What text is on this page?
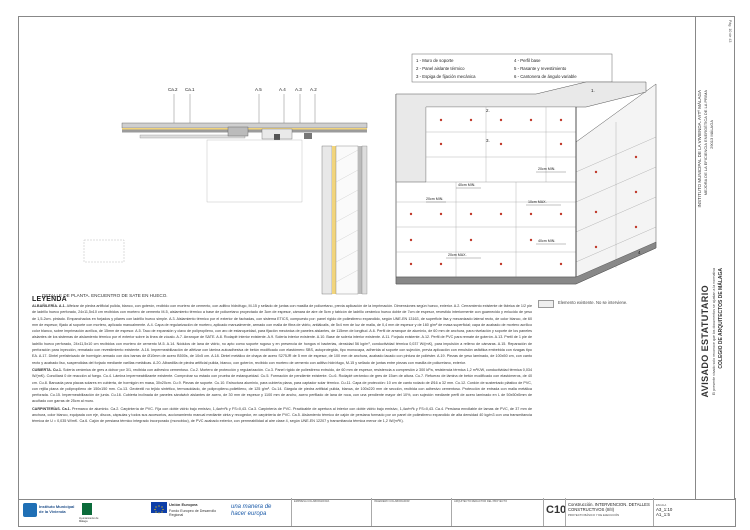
Ca.2 Ca.1	A.5	A.4 A.3 A.2
DETALLE DE PLANTA. ENCUENTRO DE SATE EN HUECO.
1 - Muro de soporte
2 - Panel aislante térmico
3 - Espiga de fijación mecánica
4 - Perfil base
5 - Rasante y revestimiento
6 - Cantonera de ángulo variable
1.
2.
3.
4
20cm MIN.
40cm MIN.
20cm MIN.
10cm MAX.
40cm MIN.
20cm MAX.
LEYENDA	Elemento existente. No se interviene.
ALBAÑILERÍA. A.1. Alfeizar de piedra artificial pulida, blanco, con goterón, recibido con mortero de cemento, con aditivo hidrófugo, M-15 y sellado de juntas con masilla de poliuretano, previa aplicación de la imprimación. Dimensiones según hueco, exterior. A.2. Cerramiento existente de fábrica de 1/2 pie de ladrillo hueco perforado, 24x11,5x10 cm recibidos con mortero de cemento M-5, aislamiento térmico a base de poliuretano proyectado de 3cm de espesor, cámara de aire de 5cm y tabicón de ladrillo cerámico hueco doble de 7cm de espesor, revestido interiormente con guarnecido y enlucido de yeso de 1,5-2cm. pintado. Empanchados en forjados y pilares con ladrillo hueco simple. A.3. Aislamiento térmico por el exterior de fachadas, con sistema ETICS, compuesto por: panel rígido de poliestireno expandido, según UNE-EN 13163, de superficie lisa y mecanizado lateral recto, de color blanco, de 60 mm de espesor, fijado al soporte con mortero, aplicado manualmente. A.4. Capa de regularización de mortero, aplicado manualmente, armado con malla de fibra de vidrio, antiálcalis, de 5x4 mm de luz de malla, de 0,4 mm de espesor y de 160 g/m² de masa superficial; capa de acabado de mortero acrílico color blanco, sobre imprimación acrílica, de 15mm de espesor. A.5. Taco de expansión y clavo de polipropileno, con aro de estanqueidad, para fijación mecánica de paneles aislantes, de 115mm de longitud. A.6. Perfil de arranque de aluminio, de 60 mm de anchura, para nivelación y soporte de los paneles aislantes de los sistemas de aislamiento térmico por el exterior sobre la línea de zócalo. A.7. Arranque de SATE. A.8. Rodapié interior existente. A.9. Solería interior existente. A.10. Base de solería interior existente. A.11. Forjado existente. A.12. Perfil de PVC para remate de goterón. A.13. Pretil de 1 pie de ladrillo hueco perforado, 24x11,5x10 cm recibidos con mortero de cemento M-5. A.14. Nódulos de lana de vidrio, no apto como soporte rugoso y en presencia de hongos ni bacterias, densidad 56 kg/m³, conductividad térmica 0,037 W/(mK), para impulsión a relleno de cámaras. A.15. Reparación de perforación para inyección, rematado con revestimiento existente. A.16. Impermeabilización de alféizar con lámina autoadhesiva de betún modificado con elastómero SBS, autoprotegida, tipo monocapa, adherida al soporte con sujeción, previa aplicación con emulsión asfáltica embebida con rizagas tipo EA. A.17. Dintel prefabricado de hormigón armado con dos barras de Ø10mm de acero B500s, de 10x5 cm. A.18. Dintel metálico de chapa de acero S275JR de 5 mm de espesor, de 100 mm de anchura, acabado lacado con pintura de poliéster. A.19. Piezas de yeso laminado, de 100x50 cm, con canto recto y acabado liso, suspendidas del forjado mediante varillas metálicas. A.20. Albardilla de piedra artificial pulida, blanco, con goterón, recibido con mortero de cemento con aditivo hidrófugo, M-15 y sellado de juntas entre piezas con masilla de poliuretano, exterior.
CUBIERTA. Cu.1. Solería cerámica de gres a dolvor por 3/1, recibida con adhesivo cementoso. Cu.2. Mortero de protección y regularización. Cu.3. Panel rígido de poliestireno extruido, de 60 mm de espesor, resistencia a compresión ≥ 300 kPa, resistencia térmica 1,2 m²K/W, conductividad térmica 0,034 W/(mK). Conciliará 0 de reacción al fuego. Cu.4. Lámina impermeabilizante existente. Comprobar su estado con prueba de estanqueidad. Cu.5. Formación de pendiente existente. Cu.6. Rodapié cerámico de gres de 15cm de altura. Cu.7. Refuerzo de lámina de betún modificado con elastómeros, de 40 cm. Cu.8. Bancada para placas solares en cubierta, de hormigón en masa, 30x20cm. Cu.9. Piezas de soporte. Cu.10. Estructura aluminio, para cubierta plana, para captador solar térmico. Cu.11. Capa de protección: 10 cm de canto rodado de Ø16 a 32 mm. Cu.12. Cordón de sustentado plástico de PVC, con rejilla plana de polipropileno de 150x150 mm. Cu.13. Geotextil no tejido sintético, termosoldado, de polipropileno-polietileno, de 125 g/m². Cu.14. Gárgola de piedra artificial pulida, blanca, de 100x220 mm de sección, recibida con adhesivo cementoso. Protección de entrada con malla metálica perforada. Cu.15. Impermeabilización de junta. Cu.16. Cubierta inclinada de paneles sándwich aislantes de acero, de 30 mm de espesor y 1100 mm de ancho, acero perfilado de lana de roca, con una pendiente mayor del 10%, con sujeción mediante perfil de acero laminado en L de 50x50x5mm de acuñado con garras de 25cm al muro.
CARPINTERÍAS. Ca.1. Premarco de aluminio. Ca.2. Carpintería de PVC. Fija con doble vidrio bajo emisivo, 1,4w/m²k y FS=0,43. Ca.3. Carpintería de PVC. Practicable de apertura al interior con doble vidrio bajo emisivo, 1,4w/m²k y FS=0,43. Ca.4. Persiana enrollable de lamas de PVC, de 37 mm de anchura, color blanco, equipada con eje, discos, cápsulas y todos sus accesorios, accionamiento manual mediante cinta y recogedor, en carpintería de PVC. Ca.5. Aislamiento térmico de cajón de persiana formado por un panel de poliestireno expandido de alta densidad 40 kg/m3 con una transmitancia térmica de U = 0,035 W/mK. Ca.6. Cajón de persiana térmico integrado incorporado (monobloc), de PVC acabado exterior, con permeabilidad al aire clase 4, según UNE-EN 12207 y transmitancia térmica menor de 1,2 W/(m²K).
Pág. 10 de 43
INSTITUTO MUNICIPAL DE LA VIVIENDA. AYTº MÁLAGA MEJORA DE LA EFICIENCIA ENERGÉTICA DE LA PRIMA 29013 MÁLAGA
AVISADO ESTATUTARIO El presente visado solo reconoce que los documentos se ajustan a la normativa COLEGIO DE ARQUITECTOS DE MÁLAGA
Instituto Municipal de la Vivienda
Ayuntamiento de Málaga
Unión Europea
Fondo Europeo de Desarrollo Regional
una manera de hacer europa
EMPRESA COLABORADORA	INGENIERO COLABORADOR	ARQUITECTO REDACTOR DEL PROYECTO
C10 Construcción. INTERVENCION. DETALLES CONSTRUCTIVOS (II/II)
PROYECTO BÁSICO Y DE EJECUCIÓN
ESCALA
A3_1:10
A1_1:5
